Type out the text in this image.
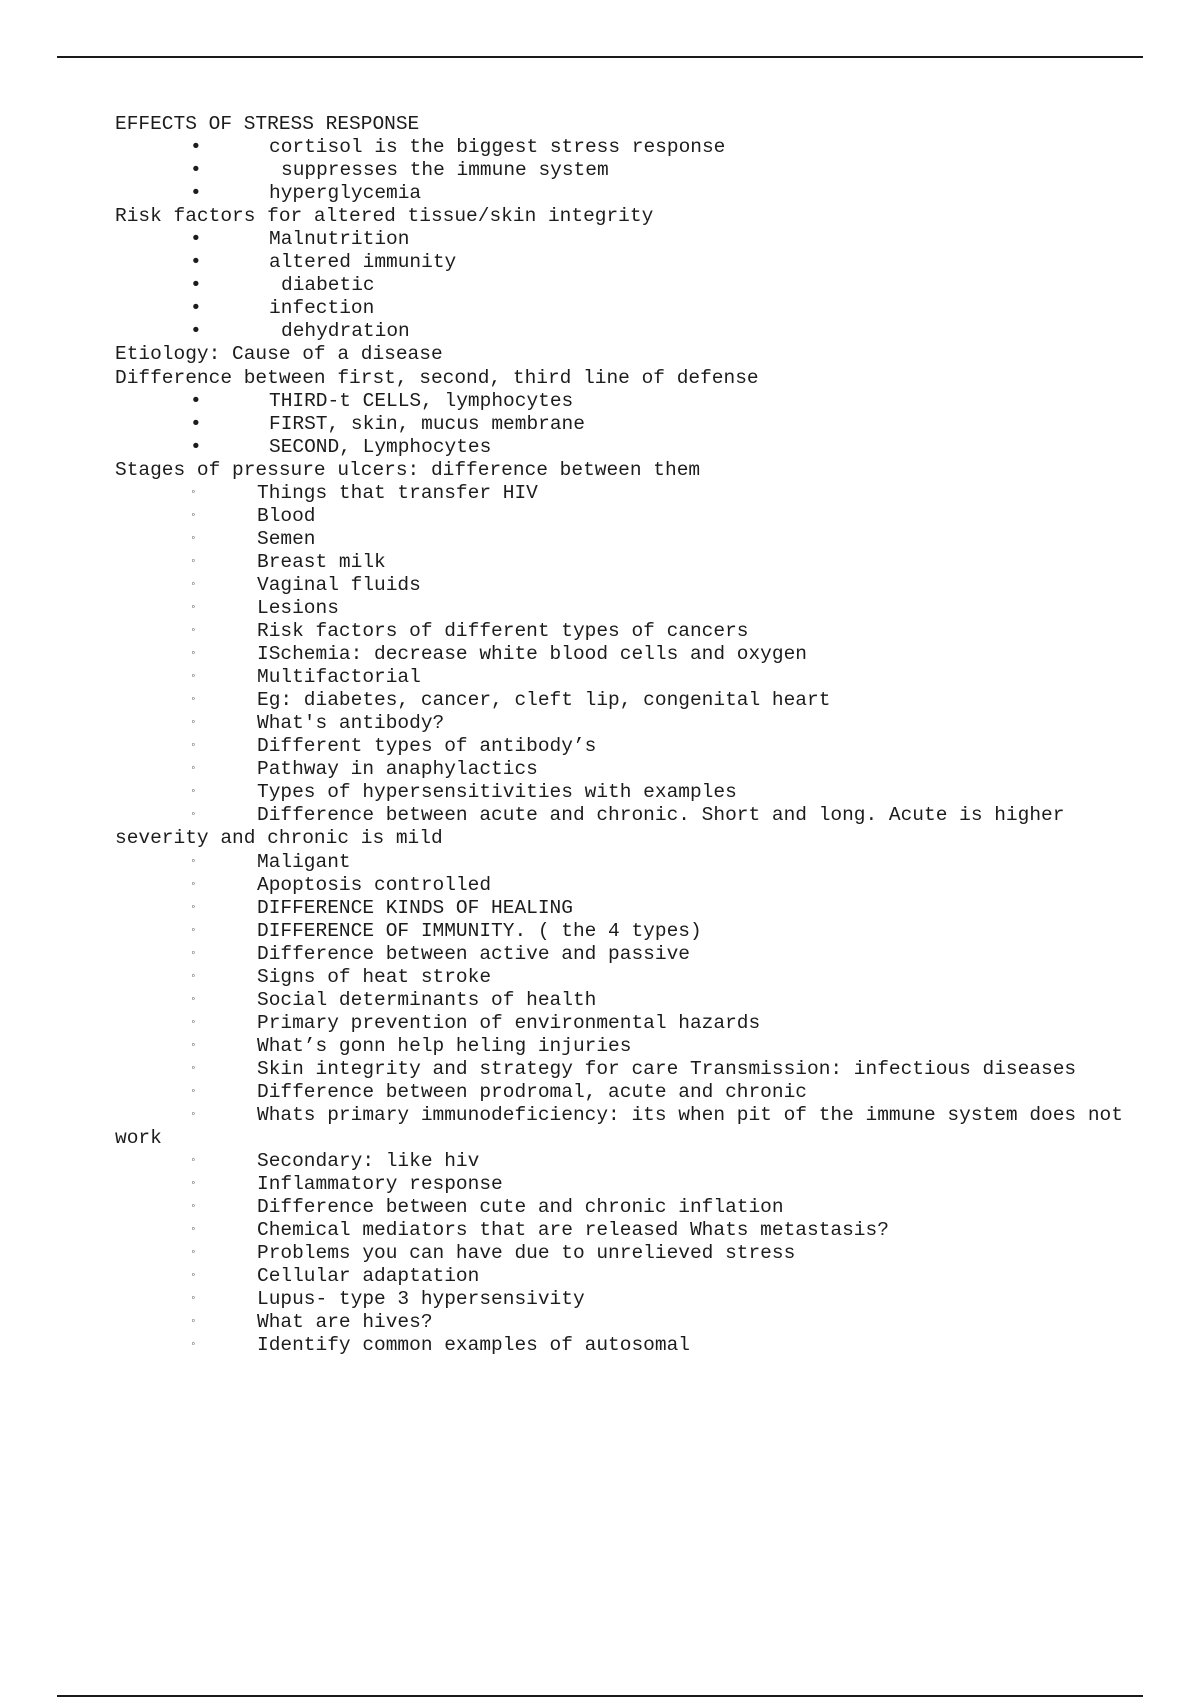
EFFECTS OF STRESS RESPONSE
•	cortisol is the biggest stress response
•	suppresses the immune system
•	hyperglycemia
Risk factors for altered tissue/skin integrity
•	Malnutrition
•	altered immunity
•	diabetic
•	infection
•	dehydration
Etiology: Cause of a disease
Difference between first, second, third line of defense
•	THIRD-t CELLS, lymphocytes
•	FIRST, skin, mucus membrane
•	SECOND, Lymphocytes
Stages of pressure ulcers: difference between them
◦	Things that transfer HIV
◦	Blood
◦	Semen
◦	Breast milk
◦	Vaginal fluids
◦	Lesions
◦	Risk factors of different types of cancers
◦	ISchemia: decrease white blood cells and oxygen
◦	Multifactorial
◦	Eg: diabetes, cancer, cleft lip, congenital heart
◦	What's antibody?
◦	Different types of antibody’s
◦	Pathway in anaphylactics
◦	Types of hypersensitivities with examples
◦	Difference between acute and chronic. Short and long. Acute is higher severity and chronic is mild
◦	Maligant
◦	Apoptosis controlled
◦	DIFFERENCE KINDS OF HEALING
◦	DIFFERENCE OF IMMUNITY. ( the 4 types)
◦	Difference between active and passive
◦	Signs of heat stroke
◦	Social determinants of health
◦	Primary prevention of environmental hazards
◦	What’s gonn help heling injuries
◦	Skin integrity and strategy for care Transmission: infectious diseases
◦	Difference between prodromal, acute and chronic
◦	Whats primary immunodeficiency: its when pit of the immune system does not work
◦	Secondary: like hiv
◦	Inflammatory response
◦	Difference between cute and chronic inflation
◦	Chemical mediators that are released Whats metastasis?
◦	Problems you can have due to unrelieved stress
◦	Cellular adaptation
◦	Lupus- type 3 hypersensivity
◦	What are hives?
◦	Identify common examples of autosomal
